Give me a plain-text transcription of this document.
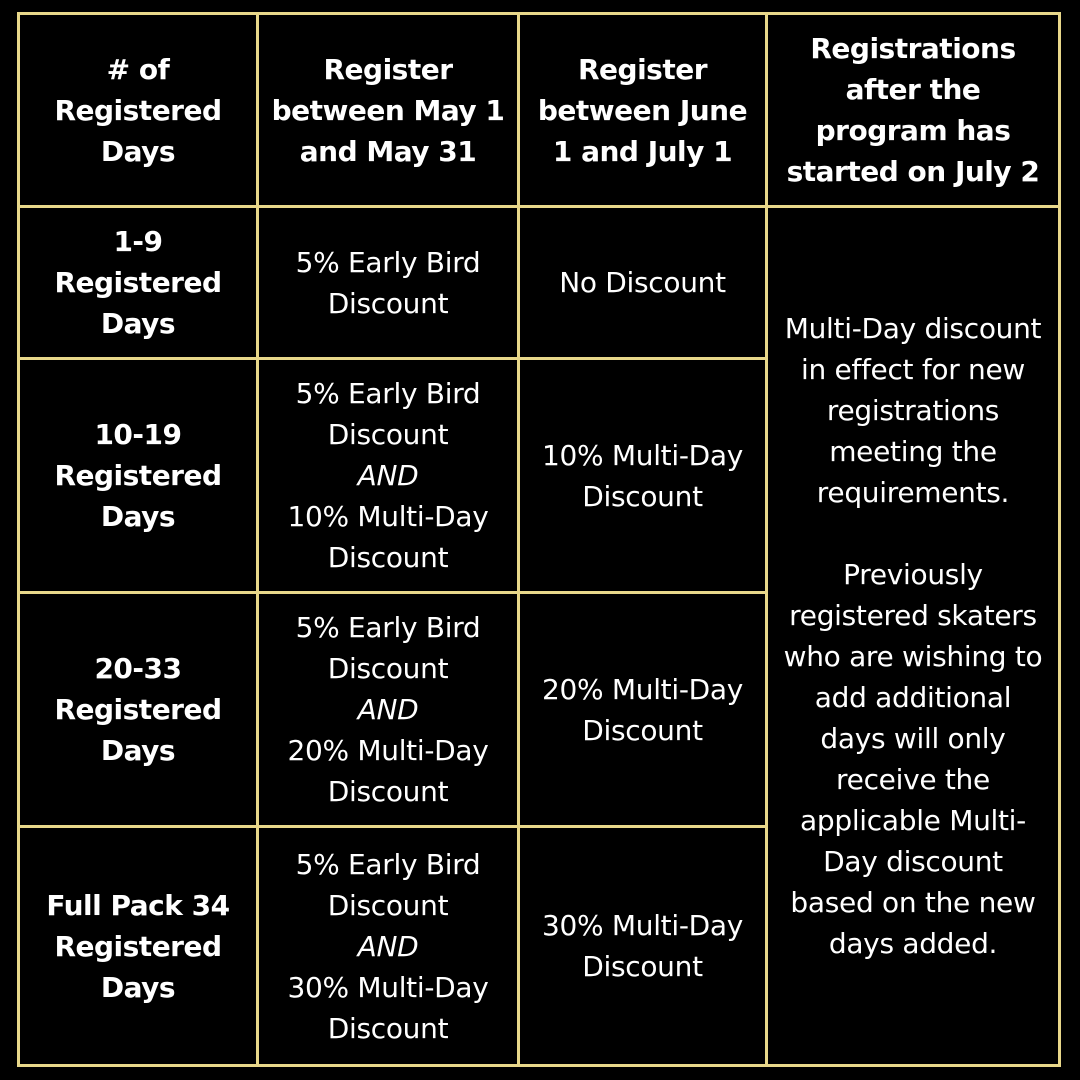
# of
Registered
Days
Register
between May 1
and May 31
Register
between June
1 and July 1
Registrations
after the
program has
started on July 2
1-9
Registered
Days
5% Early Bird
Discount
No Discount

Multi-Day discount
in effect for new
registrations
meeting the
requirements.

Previously
registered skaters
who are wishing to
add additional
days will only
receive the
applicable Multi-
Day discount
based on the new
days added.

10-19
Registered
Days
5% Early Bird
Discount
AND
10% Multi-Day
Discount
10% Multi-Day
Discount
20-33
Registered
Days
5% Early Bird
Discount
AND
20% Multi-Day
Discount
20% Multi-Day
Discount
Full Pack 34
Registered
Days
5% Early Bird
Discount
AND
30% Multi-Day
Discount
30% Multi-Day
Discount
